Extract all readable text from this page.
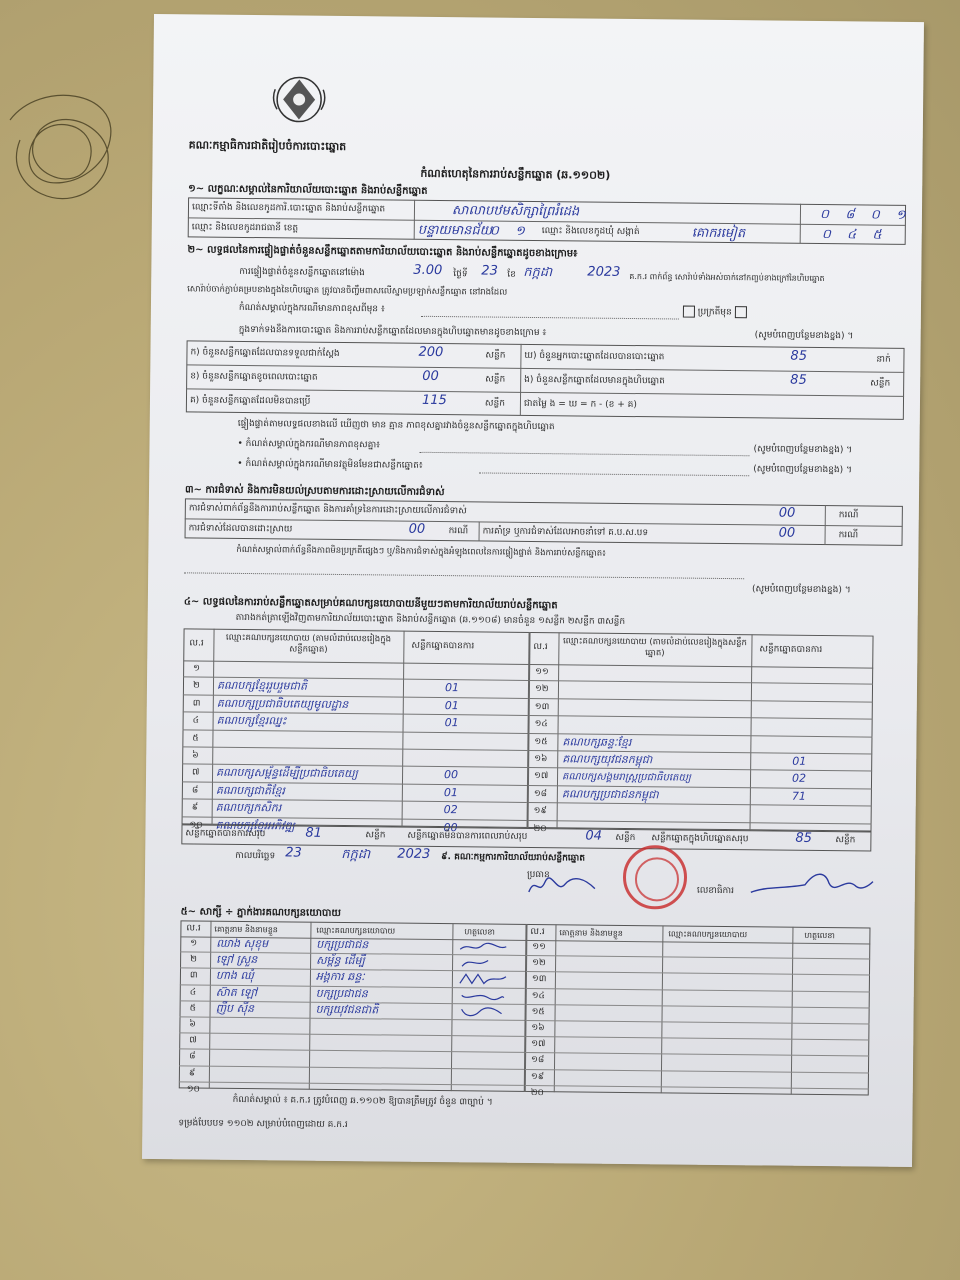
គណៈកម្មាធិការជាតិរៀបចំការបោះឆ្នោត
កំណត់ហេតុនៃការរាប់សន្លឹកឆ្នោត (ឆ.១១០២)
១~ លក្ខណៈសម្គាល់នៃការិយាល័យបោះឆ្នោត និងរាប់សន្លឹកឆ្នោត
ឈ្មោះទីតាំង និងលេខកូដការិ.បោះឆ្នោត និងរាប់សន្លឹកឆ្នោត	សាលាបឋមសិក្សាព្រៃរំដេង	០ ៨ ០ ១
ឈ្មោះ និងលេខកូដរាជធានី ខេត្ត	បន្ទាយមានជ័យ
០ ១ ឈ្មោះ និងលេខកូដឃុំ សង្កាត់	គោករមៀត	០ ៤ ៥
២~ លទ្ធផលនៃការផ្ទៀងផ្ទាត់ចំនួនសន្លឹកឆ្នោតតាមការិយាល័យបោះឆ្នោត និងរាប់សន្លឹកឆ្នោតដូចខាងក្រោម៖
ការផ្ទៀងផ្ទាត់ចំនួនសន្លឹកឆ្នោតនៅម៉ោង	3.00 ថ្ងៃទី 23 ខែ កក្កដា	2023 គ.ក.រ ពាក់ព័ន្ធ សោរ៉ាប់ទាំងអស់ចាក់នៅកញ្ចប់ខាងក្រៅនៃហិបឆ្នោត
សោរ៉ាប់ចាក់ភ្ជាប់គម្របខាងក្នុងនៃហិបឆ្នោត ត្រូវបានចិញ្ចឹមពាសលើស្នាមប្រឡាក់សន្លឹកឆ្នោត នៅរាងដែល
ប្រក្រតីមុន
កំណត់សម្គាល់ក្នុងករណីមានភាពខុសពីមុន ៖
ក្នុងទាក់ទងនឹងការបោះឆ្នោត និងការរាប់សន្លឹកឆ្នោតដែលមានក្នុងហិបឆ្នោតមានដូចខាងក្រោម ៖	(សូមបំពេញបន្ថែមខាងខ្នង) ។
ក) ចំនួនសន្លឹកឆ្នោតដែលបានទទួលជាក់ស្តែង	200	សន្លឹក
ខ) ចំនួនសន្លឹកឆ្នោតខូចពេលបោះឆ្នោត	00	សន្លឹក
គ) ចំនួនសន្លឹកឆ្នោតដែលមិនបានប្រើ	115	សន្លឹក
ឃ) ចំនួនអ្នកបោះឆ្នោតដែលបានបោះឆ្នោត	85	នាក់
ង) ចំនួនសន្លឹកឆ្នោតដែលមានក្នុងហិបឆ្នោត	85	សន្លឹក
ជាតម្លៃ ង = ឃ = ក - (ខ + គ)
ផ្ទៀងផ្ទាត់តាមលទ្ធផលខាងលើ ឃើញថា មាន គ្មាន ភាពខុសគ្នារវាងចំនួនសន្លឹកឆ្នោតក្នុងហិបឆ្នោត
• កំណត់សម្គាល់ក្នុងករណីមានភាពខុសគ្នា៖	(សូមបំពេញបន្ថែមខាងខ្នង) ។
• កំណត់សម្គាល់ក្នុងករណីមានវត្ថុមិនមែនជាសន្លឹកឆ្នោត៖	(សូមបំពេញបន្ថែមខាងខ្នង) ។
៣~ ការជំទាស់ និងការមិនយល់ស្របតាមការដោះស្រាយលើការជំទាស់
ការជំទាស់ពាក់ព័ន្ធនឹងការរាប់សន្លឹកឆ្នោត និងការគាំទ្រនៃការដោះស្រាយលើការជំទាស់	00	ករណី
ការជំទាស់ដែលបានដោះស្រាយ	00	ករណី ការគាំទ្រ ឬការជំទាស់ដែលអាចនាំទៅ គ.ប.ស.បទ	00	ករណី
កំណត់សម្គាល់ពាក់ព័ន្ធនឹងភាពមិនប្រក្រតីផ្សេងៗ ឬ/និងការជំទាស់ក្នុងអំឡុងពេលនៃការផ្ទៀងផ្ទាត់ និងការរាប់សន្លឹកឆ្នោត៖
(សូមបំពេញបន្ថែមខាងខ្នង) ។
៤~ លទ្ធផលនៃការរាប់សន្លឹកឆ្នោតសម្រាប់គណបក្សនយោបាយនីមួយៗតាមការិយាល័យរាប់សន្លឹកឆ្នោត
តារាងកត់ត្រាឡើងវិញតាមការិយាល័យបោះឆ្នោត និងរាប់សន្លឹកឆ្នោត (ឆ.១១០៨) មានចំនួន ១សន្លឹក ២សន្លឹក ៣សន្លឹក
ល.រ	ឈ្មោះគណបក្សនយោបាយ (តាមលំដាប់លេខរៀងក្នុងសន្លឹកឆ្នោត)	សន្លឹកឆ្នោតបានការ	ល.រ ឈ្មោះគណបក្សនយោបាយ (តាមលំដាប់លេខរៀងក្នុងសន្លឹកឆ្នោត)	សន្លឹកឆ្នោតបានការ
១
២ គណបក្សខ្មែររួបរួមជាតិ	01
៣ គណបក្សប្រជាធិបតេយ្យមូលដ្ឋាន	01
៤ គណបក្សខ្មែរឈ្នះ	01
៥
៦
៧ គណបក្សសម្ព័ន្ធដើម្បីប្រជាធិបតេយ្យ	00
៨ គណបក្សជាតិខ្មែរ	01
៩ គណបក្សកសិករ	02
១០ គណបក្សខ្មែរអភិវឌ្ឍ	00
១១
១២
១៣
១៤
១៥ គណបក្សឆន្ទៈខ្មែរ
១៦ គណបក្សយុវជនកម្ពុជា	01
១៧ គណបក្សសង្គមរាស្ត្រប្រជាធិបតេយ្យ	02
១៨ គណបក្សប្រជាជនកម្ពុជា	71
១៩
២០
សន្លឹកឆ្នោតបានការសរុប	81	សន្លឹក សន្លឹកឆ្នោតមិនបានការពេលរាប់សរុប	04 សន្លឹក សន្លឹកឆ្នោតក្នុងហិបឆ្នោតសរុប	85	សន្លឹក
កាលបរិច្ឆេទ 23	កក្កដា 2023 ៩. គណៈកម្មការការិយាល័យរាប់សន្លឹកឆ្នោត
ប្រធាន
លេខាធិការ
៥~ សាក្សី ÷ ភ្នាក់ងារគណបក្សនយោបាយ
ល.រ គោត្តនាម និងនាមខ្លួន	ឈ្មោះគណបក្សនយោបាយ	ហត្ថលេខា	ល.រ គោត្តនាម និងនាមខ្លួន	ឈ្មោះគណបក្សនយោបាយ	ហត្ថលេខា
១ ឈាង សុខុម	បក្សប្រជាជន
២ ឡៅ ស្រួន	សម្ព័ន្ធ ដើម្បី
៣ ហាង ឈុំ	អង្គការ ឆន្ទៈ
៤ ស៊ាត ឡៅ	បក្សប្រជាជន
៥ ញឹប ស៊ីន	បក្សយុវជនជាតិ
៦
៧
៨
៩
១០
១១
១២
១៣
១៤
១៥
១៦
១៧
១៨
១៩
២០
កំណត់សម្គាល់ ៖ គ.ក.រ ត្រូវបំពេញ ឆ.១១០២ ឱ្យបានត្រឹមត្រូវ ចំនួន ៣ច្បាប់ ។
ទម្រង់បែបបទ ១១០២ សម្រាប់បំពេញដោយ គ.ក.រ
